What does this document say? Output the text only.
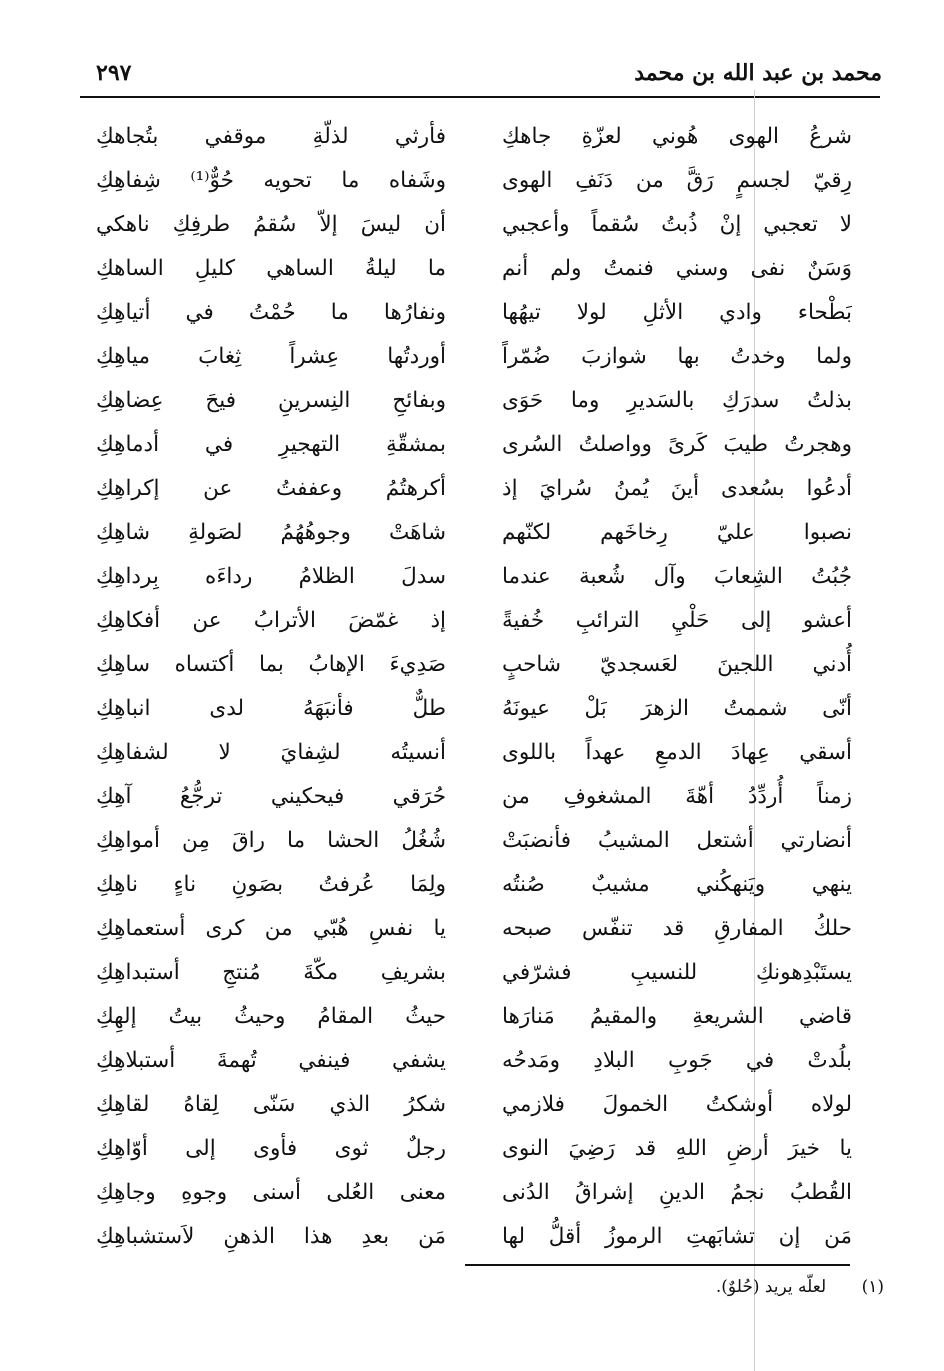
محمد بن عبد الله بن محمد
٢٩٧
شرعُ الهوى هُوني لعزّةِ جاهكِ
رِقيّ لجسمٍ رَقَّ من دَنَفِ الهوى
لا تعجبي إنْ ذُبتُ سُقماً وأعجبي
وَسَنٌ نفى وسني فنمتُ ولم أنم
بَطْحاء وادي الأثلِ لولا تيهُها
ولما وخدتُ بها شوازبَ ضُمّراً
بذلتُ سدرَكِ بالسَديرِ وما حَوَى
وهجرتُ طيبَ كَرىً وواصلتُ السُرى
أدعُوا بسُعدى أينَ يُمنُ سُرايَ إذ
نصبوا عليّ رِخاخَهم لكنّهم
جُبُتُ الشِعابَ وآل شُعبة عندما
أعشو إلى حَلْيِ الترائبِ خُفيةً
أُدني اللجينَ لعَسجديّ شاحبٍ
أنّى شممتُ الزهرَ بَلْ عيونَهُ
أسقي عِهادَ الدمعِ عهداً باللوى
زمناً أُردِّدُ أهّةَ المشغوفِ من
أنضارتي أشتعل المشيبُ فأنضبَتْ
ينهي ويَنهكُني مشيبٌ صُنتُه
حلكُ المفارقِ قد تنفّس صبحه
يستَبْدِهونكِ للنسيبِ فشرّفي
قاضي الشريعةِ والمقيمُ مَنارَها
بلُدتْ في جَوبِ البلادِ ومَدحُه
لولاه أوشكتُ الخمولَ فلازمي
يا خيرَ أرضِ اللهِ قد رَضِيَ النوى
القُطبُ نجمُ الدينِ إشراقُ الدُنى
مَن إن تشابَهتِ الرموزُ أقلُّ لها
فأرثي لذلّةِ موقفي بتُجاهكِ
وشَفاه ما تحويه حُوٌّ⁽¹⁾ شِفاهِكِ
أن ليسَ إلاّ سُقمُ طرفِكِ ناهكي
ما ليلةُ الساهي كليلِ الساهكِ
ونفارُها ما حُمْتُ في أتياهِكِ
أوردتُها عِشراً ثِغابَ مياهِكِ
وبفائحِ النِسرينِ فيحَ عِضاهِكِ
بمشقّةِ التهجيرِ في أدماهِكِ
أكرهتُمُ وعففتُ عن إكراهِكِ
شاهَتْ وجوهُهُمُ لصَولةِ شاهِكِ
سدلَ الظلامُ رداءَه بِرداهِكِ
إذ غمّضَ الأترابُ عن أفكاهِكِ
صَدِيءَ الإهابُ بما أكتساه ساهِكِ
طلٌّ فأنبَهَهُ لدى انباهِكِ
أنسيتُه لشِفايَ لا لشفاهِكِ
حُرَقي فيحكيني ترجُّعُ آهِكِ
شُغُلُ الحشا ما راقَ مِن أمواهِكِ
ولِمَا عُرفتُ بصَونِ ناءٍ ناهِكِ
يا نفسِ هُبّي من كرى أستعماهِكِ
بشريفِ مكّةَ مُنتجِ أستبداهِكِ
حيثُ المقامُ وحيثُ بيتُ إلهِكِ
يشفي فينفي تُهمةَ أستبلاهِكِ
شكرُ الذي سَنّى لِقاهُ لقاهِكِ
رجلٌ ثوى فأوى إلى أوّاهِكِ
معنى العُلى أسنى وجوهِ وجاهِكِ
مَن بعدِ هذا الذهنِ لاَستشباهِكِ
(١) لعلّه يريد (حُلوٌ).
